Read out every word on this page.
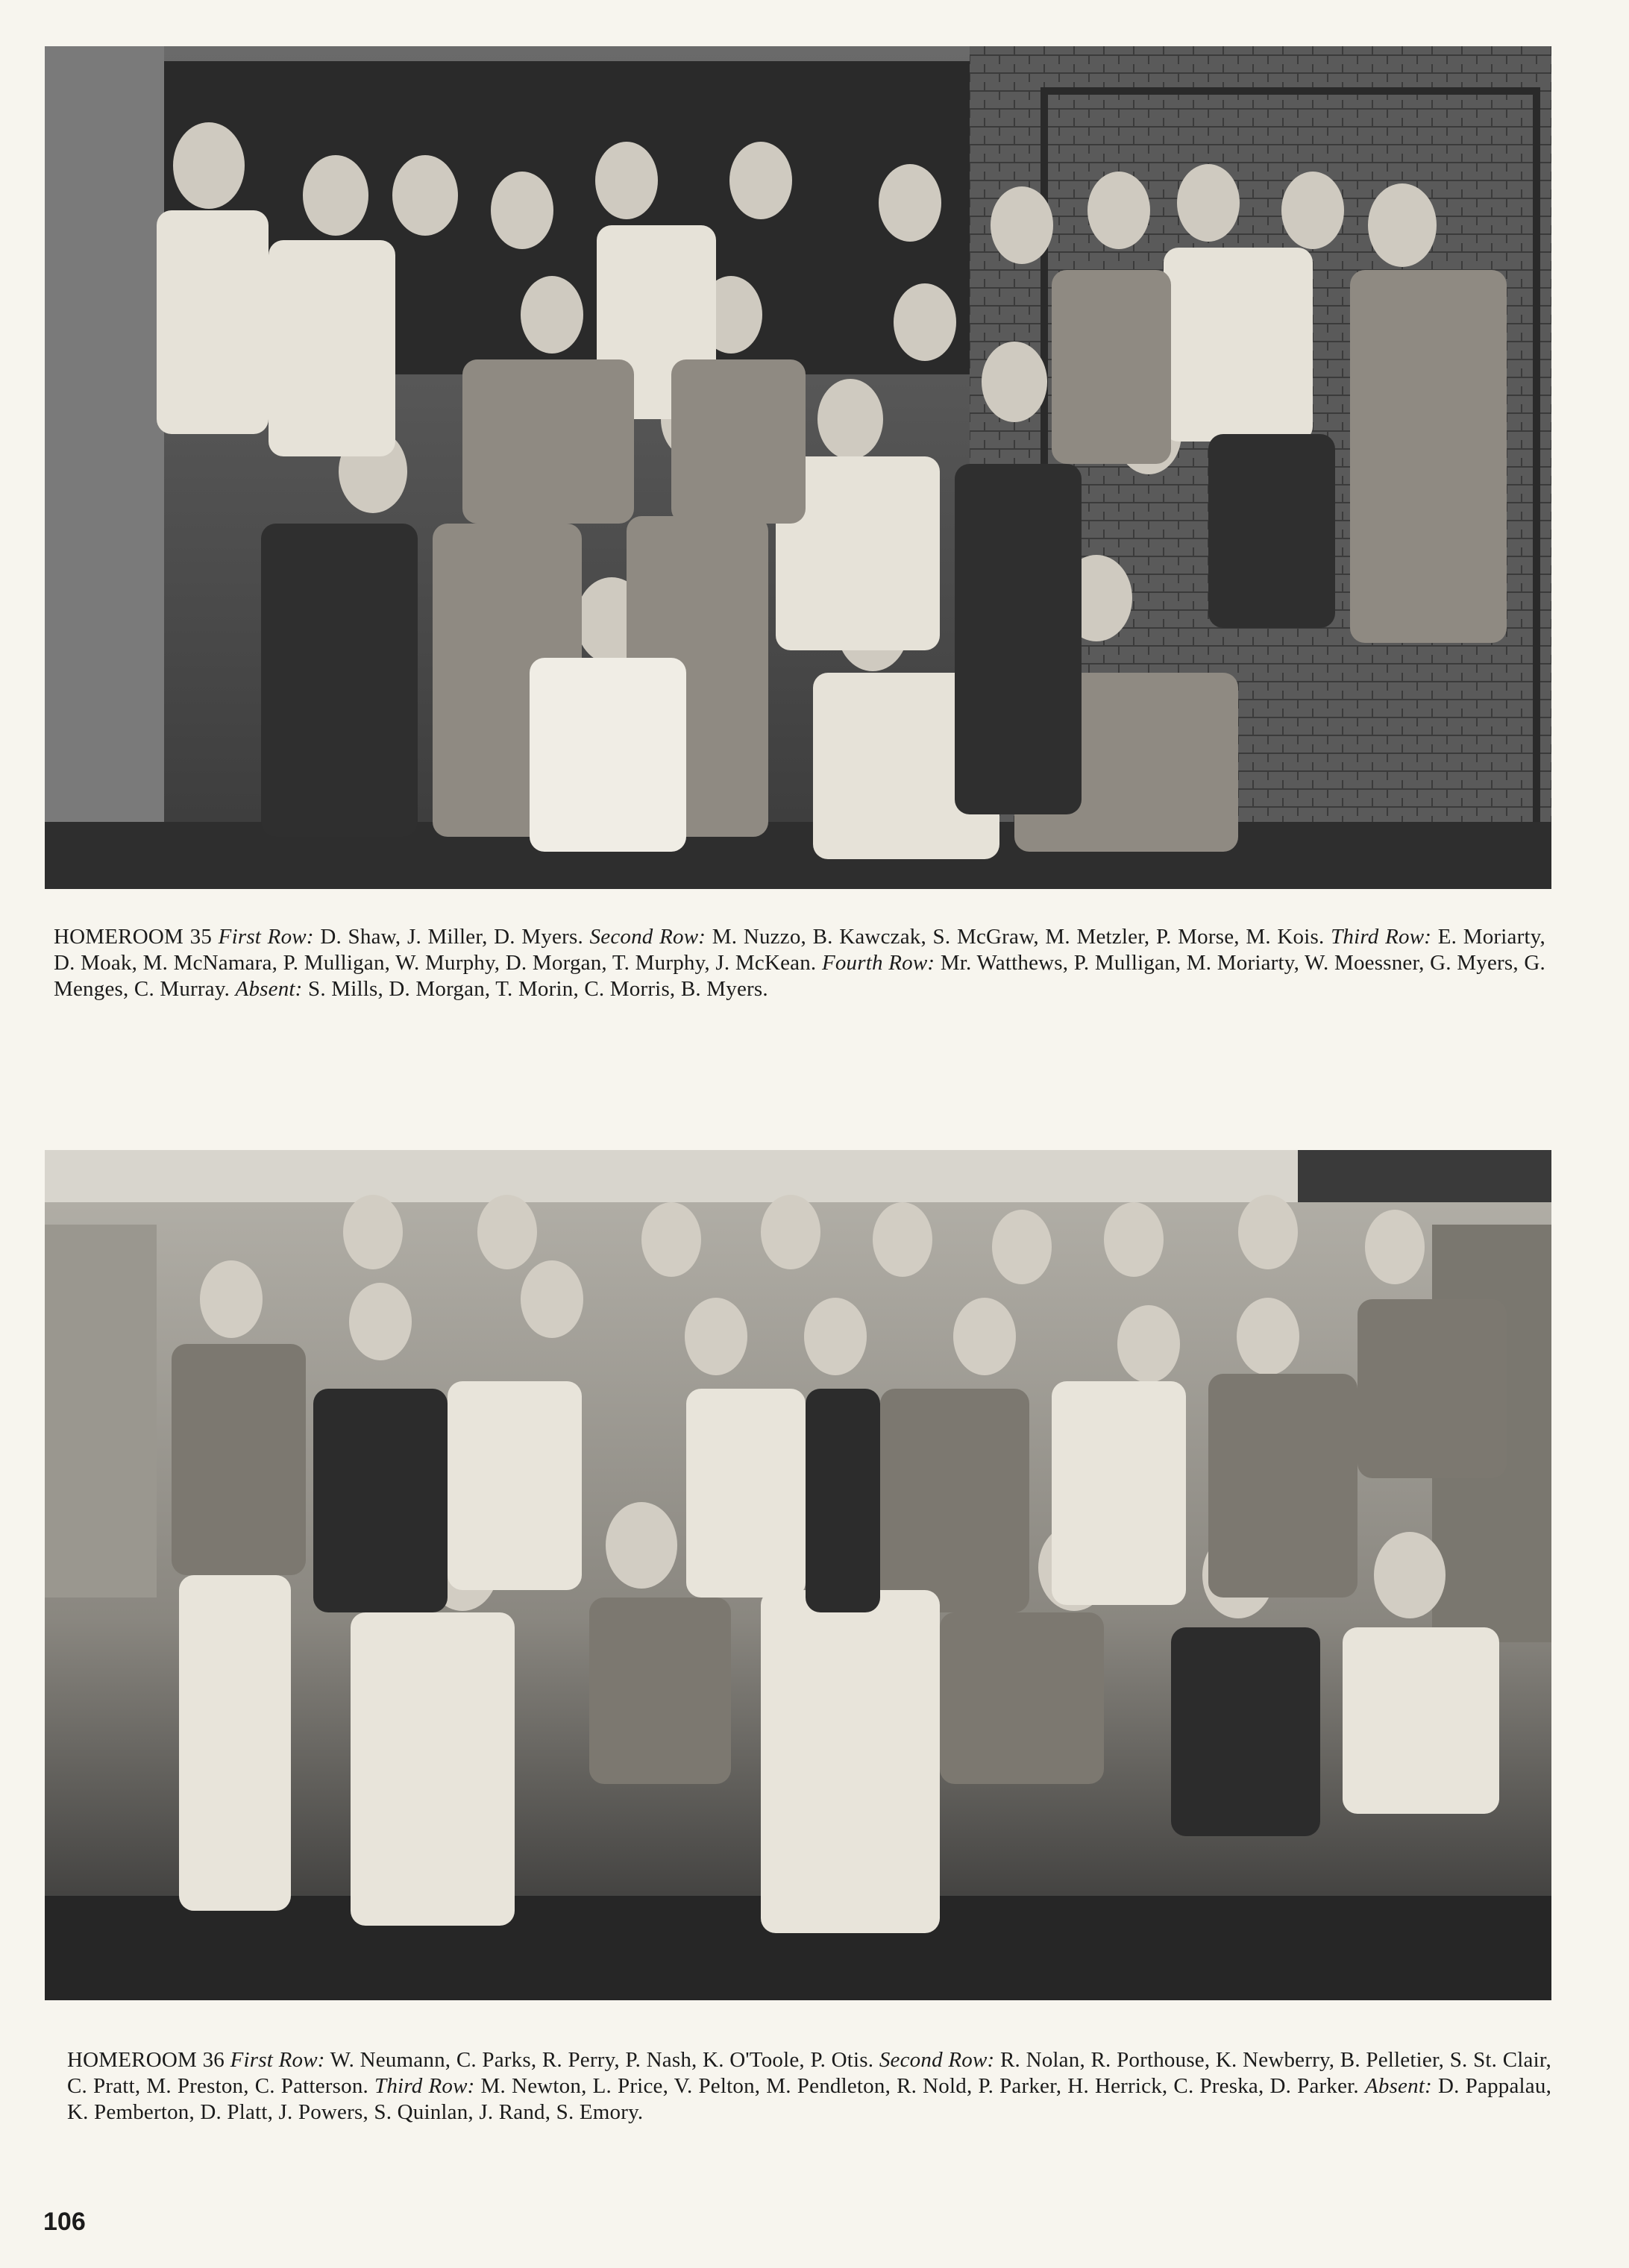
HOMEROOM 35 First Row: D. Shaw, J. Miller, D. Myers. Second Row: M. Nuzzo, B. Kawczak, S. McGraw, M. Metzler, P. Morse, M. Kois. Third Row: E. Moriarty, D. Moak, M. McNamara, P. Mulligan, W. Murphy, D. Morgan, T. Murphy, J. McKean. Fourth Row: Mr. Watthews, P. Mulligan, M. Moriarty, W. Moessner, G. Myers, G. Menges, C. Murray. Absent: S. Mills, D. Morgan, T. Morin, C. Morris, B. Myers.

HOMEROOM 36 First Row: W. Neumann, C. Parks, R. Perry, P. Nash, K. O'Toole, P. Otis. Second Row: R. Nolan, R. Porthouse, K. Newberry, B. Pelletier, S. St. Clair, C. Pratt, M. Preston, C. Patterson. Third Row: M. Newton, L. Price, V. Pelton, M. Pendleton, R. Nold, P. Parker, H. Herrick, C. Preska, D. Parker. Absent: D. Pappalau, K. Pemberton, D. Platt, J. Powers, S. Quinlan, J. Rand, S. Emory.

106
